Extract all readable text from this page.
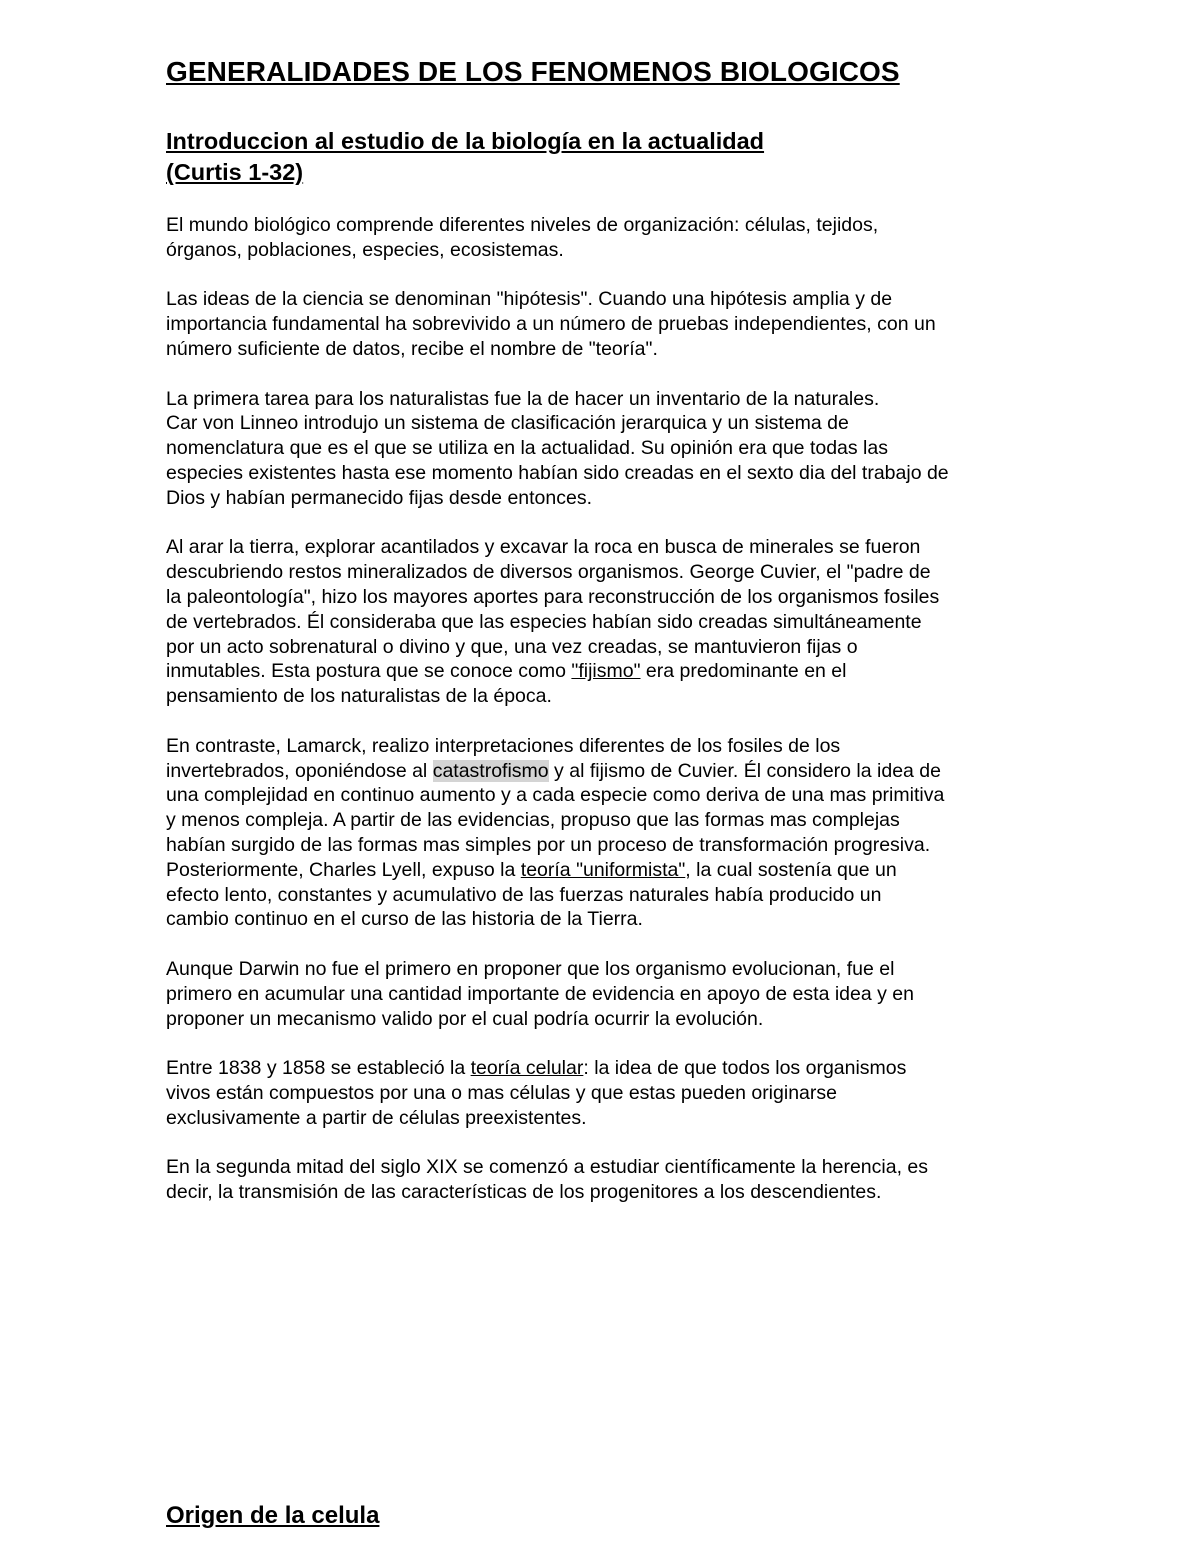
GENERALIDADES DE LOS FENOMENOS BIOLOGICOS
Introduccion al estudio de la biología en la actualidad
(Curtis 1-32)

El mundo biológico comprende diferentes niveles de organización: células, tejidos,
órganos, poblaciones, especies, ecosistemas.

Las ideas de la ciencia se denominan "hipótesis". Cuando una hipótesis amplia y de
importancia fundamental ha sobrevivido a un número de pruebas independientes, con un
número suficiente de datos, recibe el nombre de "teoría".

La primera tarea para los naturalistas fue la de hacer un inventario de la naturales.
Car von Linneo introdujo un sistema de clasificación jerarquica y un sistema de
nomenclatura que es el que se utiliza en la actualidad. Su opinión era que todas las
especies existentes hasta ese momento habían sido creadas en el sexto dia del trabajo de
Dios y habían permanecido fijas desde entonces.

Al arar la tierra, explorar acantilados y excavar la roca en busca de minerales se fueron
descubriendo restos mineralizados de diversos organismos. George Cuvier, el "padre de
la paleontología", hizo los mayores aportes para reconstrucción de los organismos fosiles
de vertebrados. Él consideraba que las especies habían sido creadas simultáneamente
por un acto sobrenatural o divino y que, una vez creadas, se mantuvieron fijas o
inmutables. Esta postura que se conoce como "fijismo" era predominante en el
pensamiento de los naturalistas de la época.

En contraste, Lamarck, realizo interpretaciones diferentes de los fosiles de los
invertebrados, oponiéndose al catastrofismo y al fijismo de Cuvier. Él considero la idea de
una complejidad en continuo aumento y a cada especie como deriva de una mas primitiva
y menos compleja. A partir de las evidencias, propuso que las formas mas complejas
habían surgido de las formas mas simples por un proceso de transformación progresiva.
Posteriormente, Charles Lyell, expuso la teoría "uniformista", la cual sostenía que un
efecto lento, constantes y acumulativo de las fuerzas naturales había producido un
cambio continuo en el curso de las historia de la Tierra.

Aunque Darwin no fue el primero en proponer que los organismo evolucionan, fue el
primero en acumular una cantidad importante de evidencia en apoyo de esta idea y en
proponer un mecanismo valido por el cual podría ocurrir la evolución.

Entre 1838 y 1858 se estableció la teoría celular: la idea de que todos los organismos
vivos están compuestos por una o mas células y que estas pueden originarse
exclusivamente a partir de células preexistentes.

En la segunda mitad del siglo XIX se comenzó a estudiar científicamente la herencia, es
decir, la transmisión de las características de los progenitores a los descendientes.

Origen de la celula
